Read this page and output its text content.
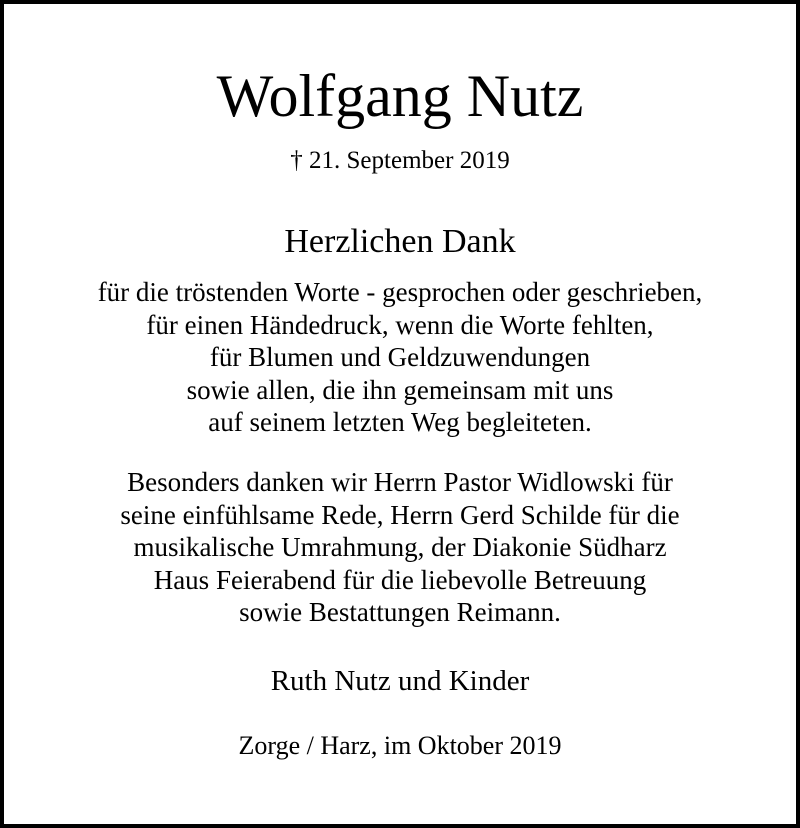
Wolfgang Nutz
† 21. September 2019
Herzlichen Dank
für die tröstenden Worte - gesprochen oder geschrieben,
für einen Händedruck, wenn die Worte fehlten,
für Blumen und Geldzuwendungen
sowie allen, die ihn gemeinsam mit uns
auf seinem letzten Weg begleiteten.
Besonders danken wir Herrn Pastor Widlowski für
seine einfühlsame Rede, Herrn Gerd Schilde für die
musikalische Umrahmung, der Diakonie Südharz
Haus Feierabend für die liebevolle Betreuung
sowie Bestattungen Reimann.
Ruth Nutz und Kinder
Zorge / Harz, im Oktober 2019
